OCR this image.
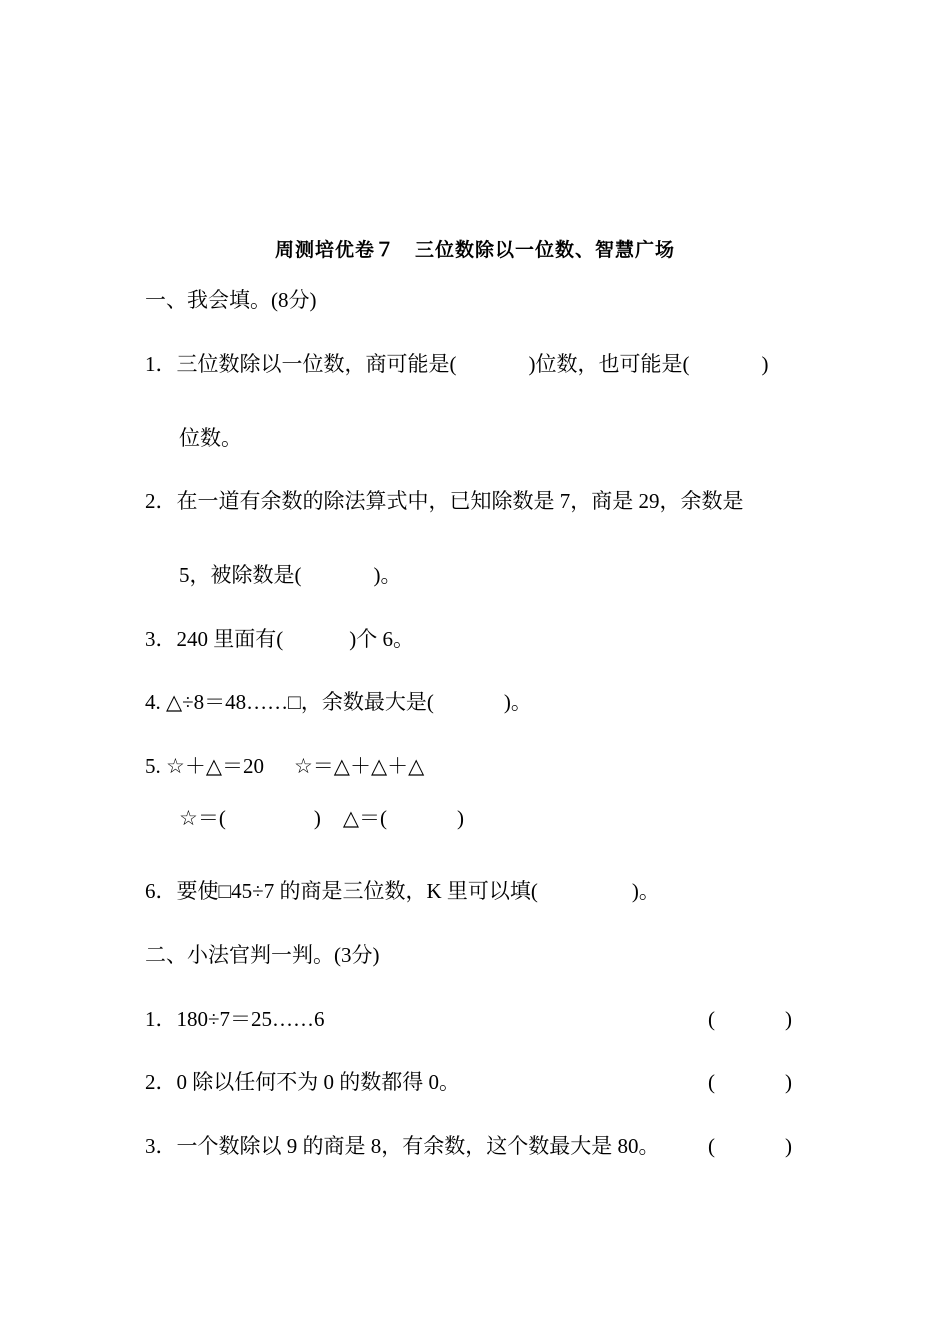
周测培优卷７　三位数除以一位数、智慧广场
一、我会填。(8分)
1．三位数除以一位数，商可能是(	)位数，也可能是(	)
位数。
2．在一道有余数的除法算式中，已知除数是 7，商是 29，余数是
5，被除数是(	)。
3．240 里面有(	)个 6。
4. △÷8＝48……□，余数最大是(	)。
5. ☆＋△＝20 ☆＝△＋△＋△
☆＝(	) △＝(	)
6．要使□45÷7 的商是三位数，K 里可以填(	)。
二、小法官判一判。(3分)
1．180÷7＝25……6	(	)
2．0 除以任何不为 0 的数都得 0。	(	)
3．一个数除以 9 的商是 8，有余数，这个数最大是 80。 (	)
